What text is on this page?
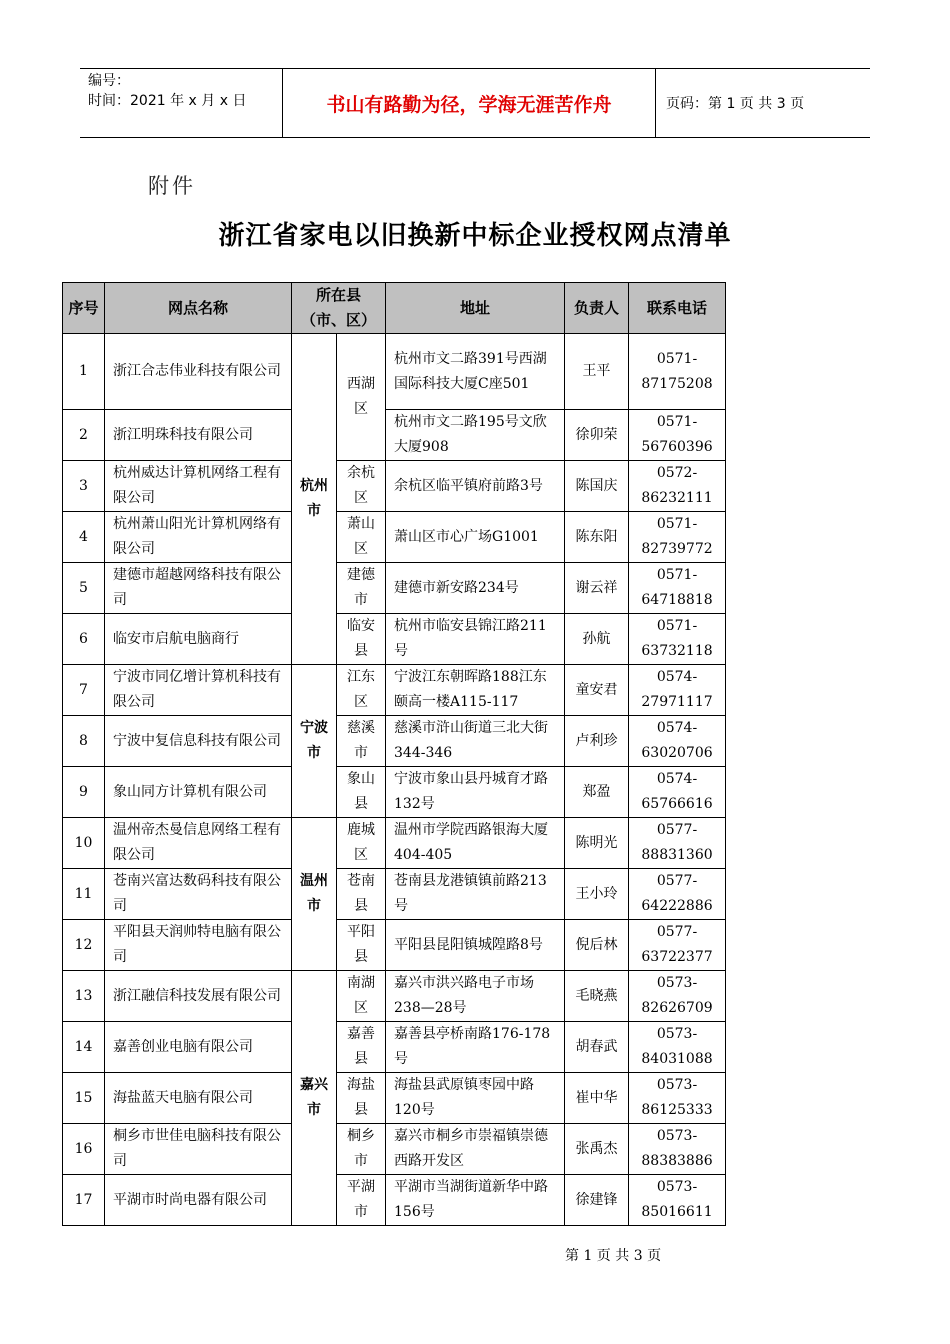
编号：
时间：2021 年 x 月 x 日	书山有路勤为径，学海无涯苦作舟	页码：第 1 页 共 3 页
附件
浙江省家电以旧换新中标企业授权网点清单
序号	网点名称	所在县（市、区）		地址	负责人	联系电话
1	浙江合志伟业科技有限公司	杭州市	西湖区	杭州市文二路391号西湖国际科技大厦C座501	王平	0571-87175208
2	浙江明珠科技有限公司			杭州市文二路195号文欣大厦908	徐卯荣	0571-56760396
3	杭州威达计算机网络工程有限公司		余杭区	余杭区临平镇府前路3号	陈国庆	0572-86232111
4	杭州萧山阳光计算机网络有限公司		萧山区	萧山区市心广场G1001	陈东阳	0571-82739772
5	建德市超越网络科技有限公司		建德市	建德市新安路234号	谢云祥	0571-64718818
6	临安市启航电脑商行		临安县	杭州市临安县锦江路211号	孙航	0571-63732118
7	宁波市同亿增计算机科技有限公司	宁波市	江东区	宁波江东朝晖路188江东颐高一楼A115-117	童安君	0574-27971117
8	宁波中复信息科技有限公司		慈溪市	慈溪市浒山街道三北大街344-346	卢利珍	0574-63020706
9	象山同方计算机有限公司		象山县	宁波市象山县丹城育才路132号	郑盈	0574-65766616
10	温州帝杰曼信息网络工程有限公司	温州市	鹿城区	温州市学院西路银海大厦404-405	陈明光	0577-88831360
11	苍南兴富达数码科技有限公司		苍南县	苍南县龙港镇镇前路213号	王小玲	0577-64222886
12	平阳县天润帅特电脑有限公司		平阳县	平阳县昆阳镇城隍路8号	倪后林	0577-63722377
13	浙江融信科技发展有限公司	嘉兴市	南湖区	嘉兴市洪兴路电子市场238—28号	毛晓燕	0573-82626709
14	嘉善创业电脑有限公司		嘉善县	嘉善县亭桥南路176-178号	胡春武	0573-84031088
15	海盐蓝天电脑有限公司		海盐县	海盐县武原镇枣园中路120号	崔中华	0573-86125333
16	桐乡市世佳电脑科技有限公司		桐乡市	嘉兴市桐乡市崇福镇崇德西路开发区	张禹杰	0573-88383886
17	平湖市时尚电器有限公司		平湖市	平湖市当湖街道新华中路156号	徐建锋	0573-85016611
第 1 页 共 3 页
